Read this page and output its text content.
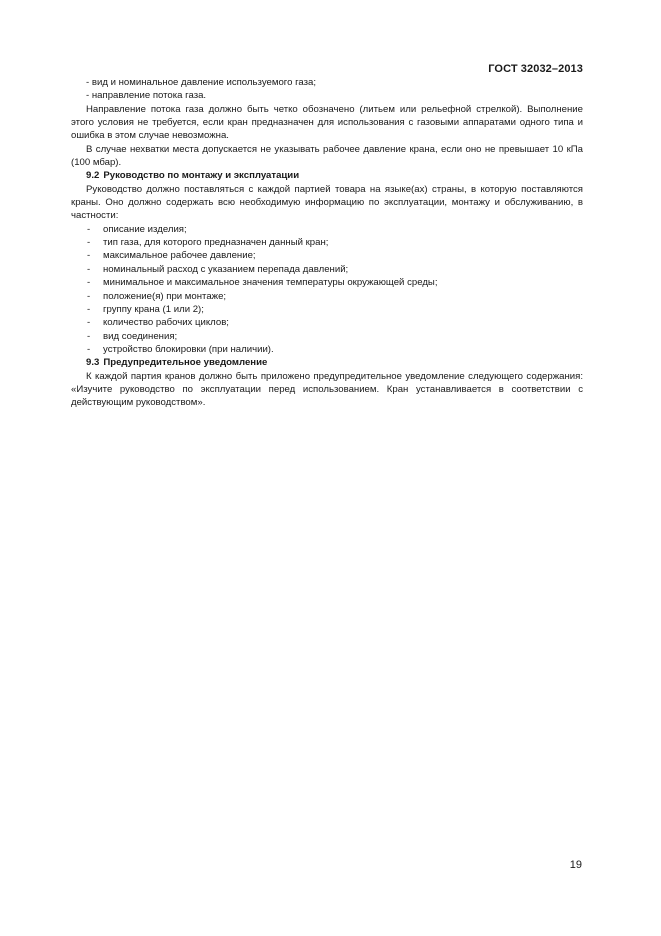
ГОСТ 32032–2013

- вид и номинальное давление используемого газа;

- направление потока газа.

Направление потока газа должно быть четко обозначено (литьем или рельефной стрелкой). Выполнение этого условия не требуется, если кран предназначен для использования с газовыми аппаратами одного типа и ошибка в этом случае невозможна.

В случае нехватки места допускается не указывать рабочее давление крана, если оно не превышает 10 кПа (100 мбар).

9.2 Руководство по монтажу и эксплуатации

Руководство должно поставляться с каждой партией товара на языке(ах) страны, в которую поставляются краны. Оно должно содержать всю необходимую информацию по эксплуатации, монтажу и обслуживанию, в частности:

- описание изделия;
- тип газа, для которого предназначен данный кран;
- максимальное рабочее давление;
- номинальный расход с указанием перепада давлений;
- минимальное и максимальное значения температуры окружающей среды;
- положение(я) при монтаже;
- группу крана (1 или 2);
- количество рабочих циклов;
- вид соединения;
- устройство блокировки (при наличии).

9.3 Предупредительное уведомление

К каждой партия кранов должно быть приложено предупредительное уведомление следующего содержания: «Изучите руководство по эксплуатации перед использованием. Кран устанавливается в соответствии с действующим руководством».

19
